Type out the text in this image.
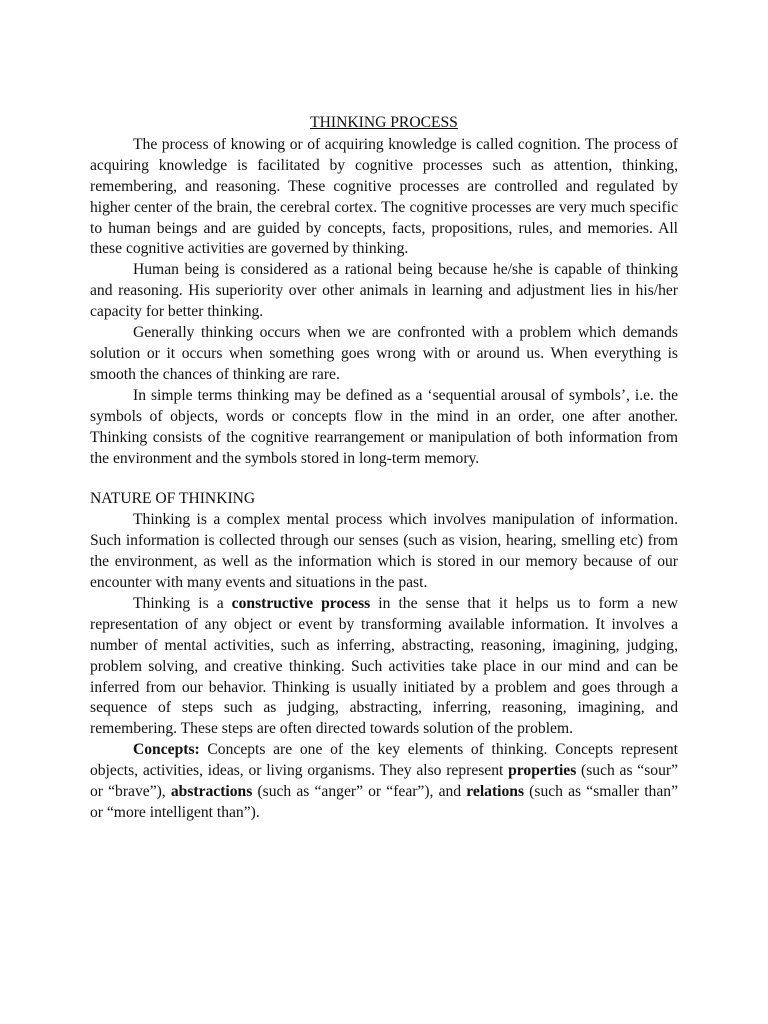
THINKING PROCESS

The process of knowing or of acquiring knowledge is called cognition. The process of acquiring knowledge is facilitated by cognitive processes such as attention, thinking, remembering, and reasoning. These cognitive processes are controlled and regulated by higher center of the brain, the cerebral cortex. The cognitive processes are very much specific to human beings and are guided by concepts, facts, propositions, rules, and memories. All these cognitive activities are governed by thinking.

Human being is considered as a rational being because he/she is capable of thinking and reasoning. His superiority over other animals in learning and adjustment lies in his/her capacity for better thinking.

Generally thinking occurs when we are confronted with a problem which demands solution or it occurs when something goes wrong with or around us. When everything is smooth the chances of thinking are rare.

In simple terms thinking may be defined as a ‘sequential arousal of symbols’, i.e. the symbols of objects, words or concepts flow in the mind in an order, one after another. Thinking consists of the cognitive rearrangement or manipulation of both information from the environment and the symbols stored in long-term memory.

NATURE OF THINKING

Thinking is a complex mental process which involves manipulation of information. Such information is collected through our senses (such as vision, hearing, smelling etc) from the environment, as well as the information which is stored in our memory because of our encounter with many events and situations in the past.

Thinking is a constructive process in the sense that it helps us to form a new representation of any object or event by transforming available information. It involves a number of mental activities, such as inferring, abstracting, reasoning, imagining, judging, problem solving, and creative thinking. Such activities take place in our mind and can be inferred from our behavior. Thinking is usually initiated by a problem and goes through a sequence of steps such as judging, abstracting, inferring, reasoning, imagining, and remembering. These steps are often directed towards solution of the problem.

Concepts: Concepts are one of the key elements of thinking. Concepts represent objects, activities, ideas, or living organisms. They also represent properties (such as “sour” or “brave”), abstractions (such as “anger” or “fear”), and relations (such as “smaller than” or “more intelligent than”).
